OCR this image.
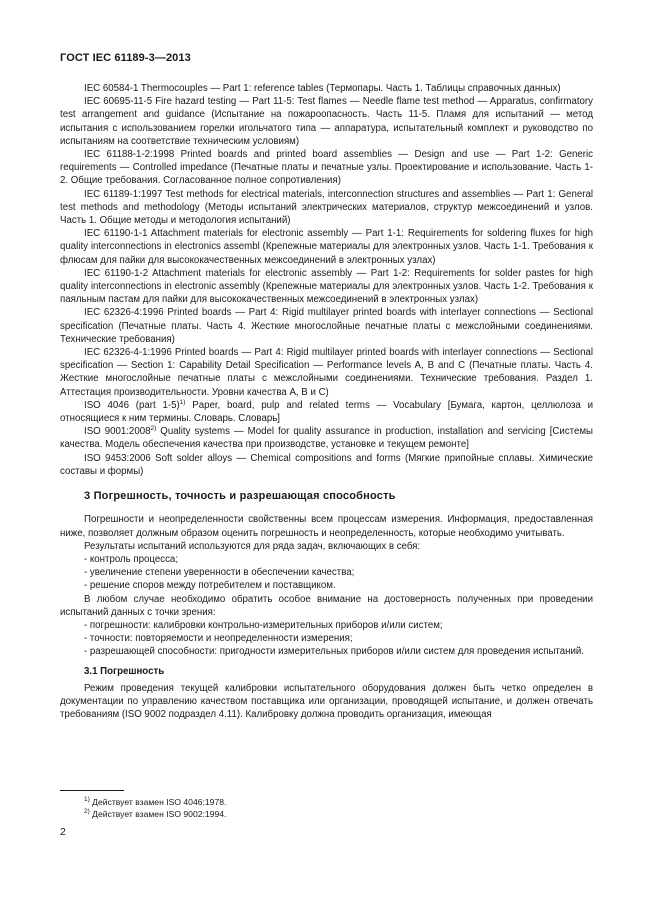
ГОСТ IEC 61189-3—2013

IEC 60584-1 Thermocouples — Part 1: reference tables (Термопары. Часть 1. Таблицы справочных данных)

IEC 60695-11-5 Fire hazard testing — Part 11-5: Test flames — Needle flame test method — Apparatus, confirmatory test arrangement and guidance (Испытание на пожароопасность. Часть 11-5. Пламя для испытаний — метод испытания с использованием горелки игольчатого типа — аппаратура, испытательный комплект и руководство по испытаниям на соответствие техническим условиям)

IEC 61188-1-2:1998 Printed boards and printed board assemblies — Design and use — Part 1-2: Generic requirements — Controlled impedance (Печатные платы и печатные узлы. Проектирование и использование. Часть 1-2. Общие требования. Согласованное полное сопротивления)

IEC 61189-1:1997 Test methods for electrical materials, interconnection structures and assemblies — Part 1: General test methods and methodology (Методы испытаний электрических материалов, структур межсоединений и узлов. Часть 1. Общие методы и методология испытаний)

IEC 61190-1-1 Attachment materials for electronic assembly — Part 1-1: Requirements for soldering fluxes for high quality interconnections in electronics assembl (Крепежные материалы для электронных узлов. Часть 1-1. Требования к флюсам для пайки для высококачественных межсоединений в электронных узлах)

IEC 61190-1-2 Attachment materials for electronic assembly — Part 1-2: Requirements for solder pastes for high quality interconnections in electronic assembly (Крепежные материалы для электронных узлов. Часть 1-2. Требования к паяльным пастам для пайки для высококачественных межсоединений в электронных узлах)

IEC 62326-4:1996 Printed boards — Part 4: Rigid multilayer printed boards with interlayer connections — Sectional specification (Печатные платы. Часть 4. Жесткие многослойные печатные платы с межслойными соединениями. Технические требования)

IEC 62326-4-1:1996 Printed boards — Part 4: Rigid multilayer printed boards with interlayer connections — Sectional specification — Section 1: Capability Detail Specification — Performance levels A, B and C (Печатные платы. Часть 4. Жесткие многослойные печатные платы с межслойными соединениями. Технические требования. Раздел 1. Аттестация производительности. Уровни качества А, В и С)

ISO 4046 (part 1-5)$^{1)}$ Paper, board, pulp and related terms — Vocabulary [Бумага, картон, целлюлоза и относящиеся к ним термины. Словарь. Словарь]

ISO 9001:2008$^{2)}$ Quality systems — Model for quality assurance in production, installation and servicing [Системы качества. Модель обеспечения качества при производстве, установке и текущем ремонте]

ISO 9453:2006 Soft solder alloys — Chemical compositions and forms (Мягкие припойные сплавы. Химические составы и формы)

3 Погрешность, точность и разрешающая способность

Погрешности и неопределенности свойственны всем процессам измерения. Информация, предоставленная ниже, позволяет должным образом оценить погрешность и неопределенность, которые необходимо учитывать.

Результаты испытаний используются для ряда задач, включающих в себя:

- контроль процесса;

- увеличение степени уверенности в обеспечении качества;

- решение споров между потребителем и поставщиком.

В любом случае необходимо обратить особое внимание на достоверность полученных при проведении испытаний данных с точки зрения:

- погрешности: калибровки контрольно-измерительных приборов и/или систем;

- точности: повторяемости и неопределенности измерения;

- разрешающей способности: пригодности измерительных приборов и/или систем для проведения испытаний.

3.1 Погрешность

Режим проведения текущей калибровки испытательного оборудования должен быть четко определен в документации по управлению качеством поставщика или организации, проводящей испытание, и должен отвечать требованиям (ISO 9002 подраздел 4.11). Калибровку должна проводить организация, имеющая

$^{1)}$ Действует взамен ISO 4046:1978.
$^{2)}$ Действует взамен ISO 9002:1994.
2
